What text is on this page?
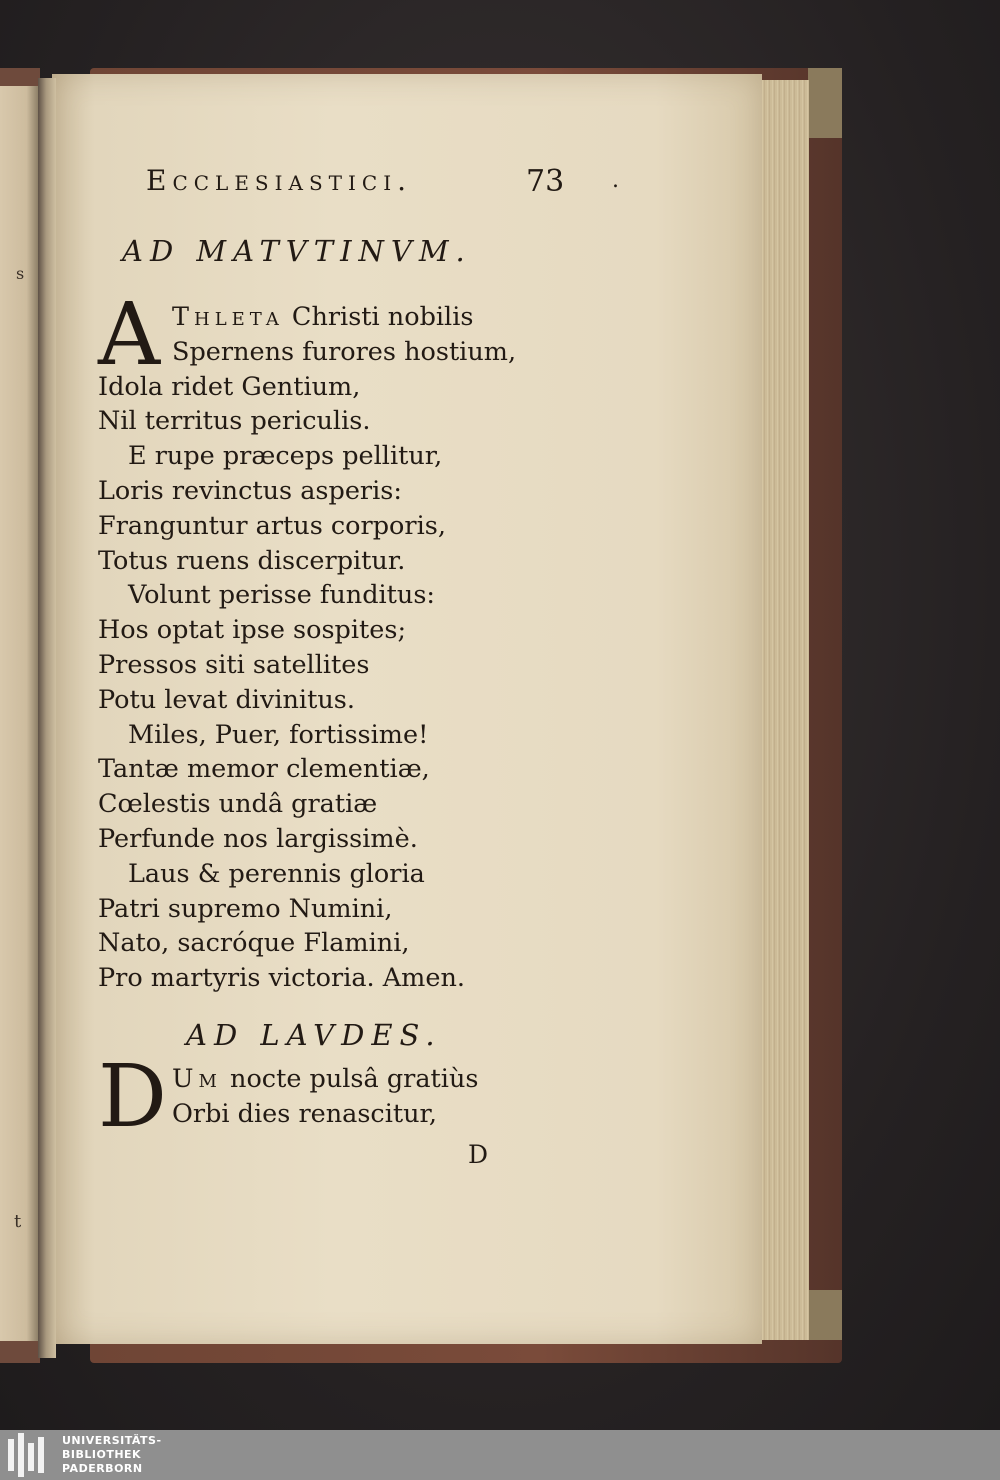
s
t
Ecclesiastici.	73 .
AD MATVTINVM.
A Thleta Christi nobilis
Spernens furores hostium,
Idola ridet Gentium,
Nil territus periculis.
E rupe præceps pellitur,
Loris revinctus asperis:
Franguntur artus corporis,
Totus ruens discerpitur.
Volunt perisse funditus:
Hos optat ipse sospites;
Pressos siti satellites
Potu levat divinitus.
Miles, Puer, fortissime!
Tantæ memor clementiæ,
Cœlestis undâ gratiæ
Perfunde nos largissimè.
Laus & perennis gloria
Patri supremo Numini,
Nato, sacróque Flamini,
Pro martyris victoria. Amen.
AD LAVDES.
D Um nocte pulsâ gratiùs
Orbi dies renascitur,
D
UNIVERSITÄTS-
BIBLIOTHEK
PADERBORN
